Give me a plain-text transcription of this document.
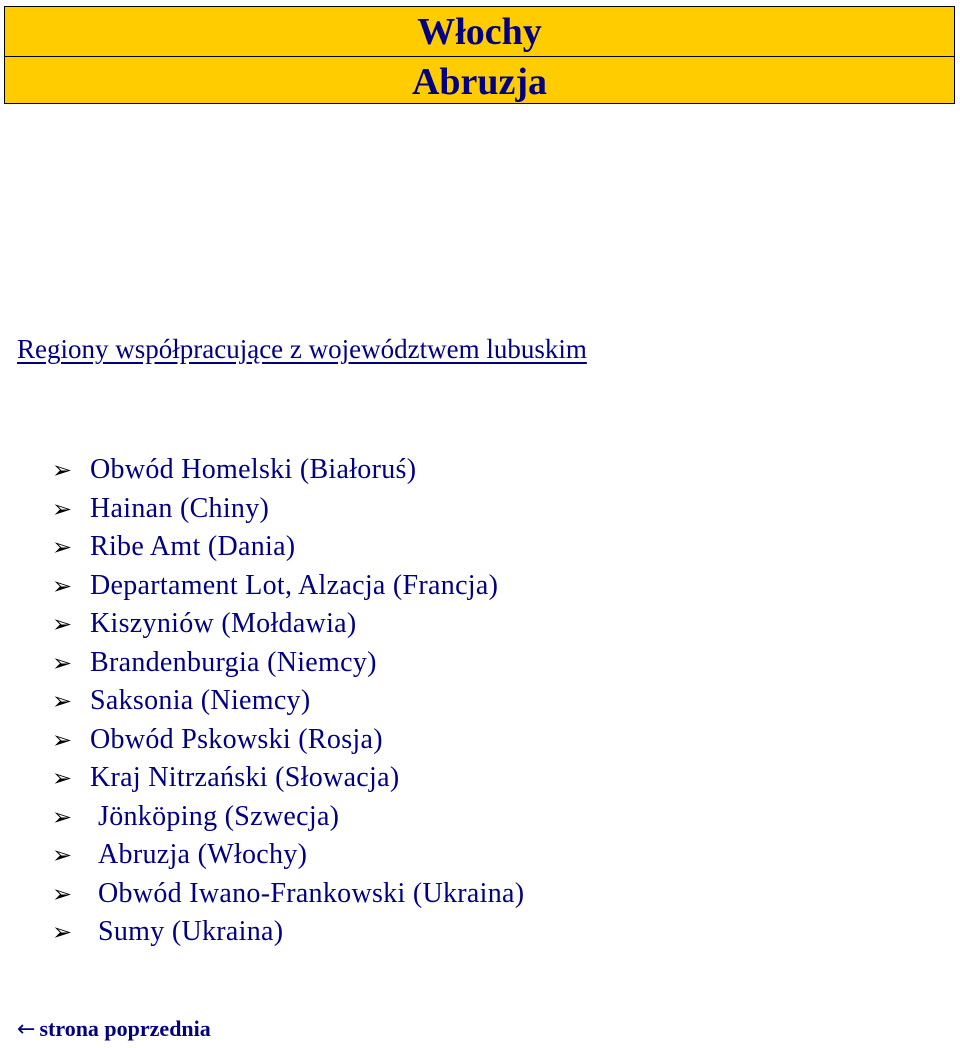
Włochy
Abruzja
Regiony współpracujące z województwem lubuskim
➢ Obwód Homelski (Białoruś)
➢ Hainan (Chiny)
➢ Ribe Amt (Dania)
➢ Departament Lot, Alzacja (Francja)
➢ Kiszyniów (Mołdawia)
➢ Brandenburgia (Niemcy)
➢ Saksonia (Niemcy)
➢ Obwód Pskowski (Rosja)
➢ Kraj Nitrzański (Słowacja)
➢ Jönköping (Szwecja)
➢ Abruzja (Włochy)
➢ Obwód Iwano-Frankowski (Ukraina)
➢ Sumy (Ukraina)
← strona poprzednia
